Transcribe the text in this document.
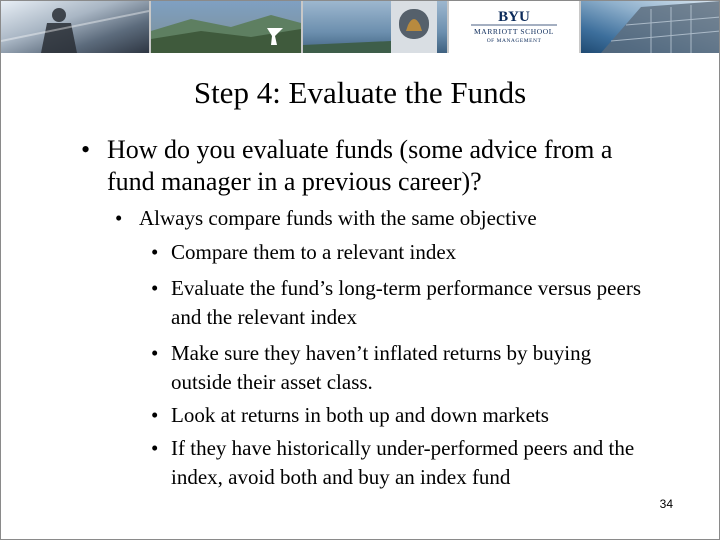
BYU
MARRIOTT SCHOOL
OF MANAGEMENT
Step 4: Evaluate the Funds
• How do you evaluate funds (some advice from a fund manager in a previous career)?
• Always compare funds with the same objective
• Compare them to a relevant index
• Evaluate the fund’s long-term performance versus peers and the relevant index
• Make sure they haven’t inflated returns by buying outside their asset class.
• Look at returns in both up and down markets
• If they have historically under-performed peers and the index, avoid both and buy an index fund
34
